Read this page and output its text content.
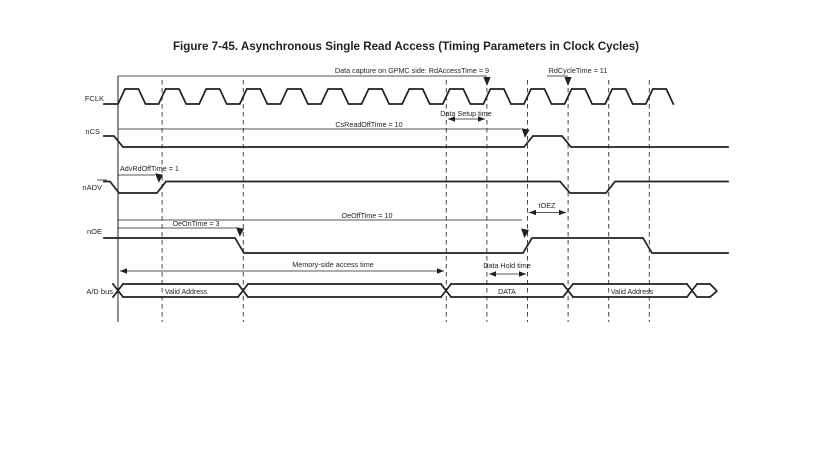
Figure 7-45. Asynchronous Single Read Access (Timing Parameters in Clock Cycles)
Data capture on GPMC side: RdAccessTime = 9	RdCycleTime = 11
FCLK
Data Setup time
nCS
CsReadOffTime = 10
nADV
AdvRdOffTime = 1
tOEZ
nOE
OeOffTime = 10
OeOnTime = 3
Memory-side access time	Data Hold time
A/D bus	Valid Address	DATA	Valid Address
